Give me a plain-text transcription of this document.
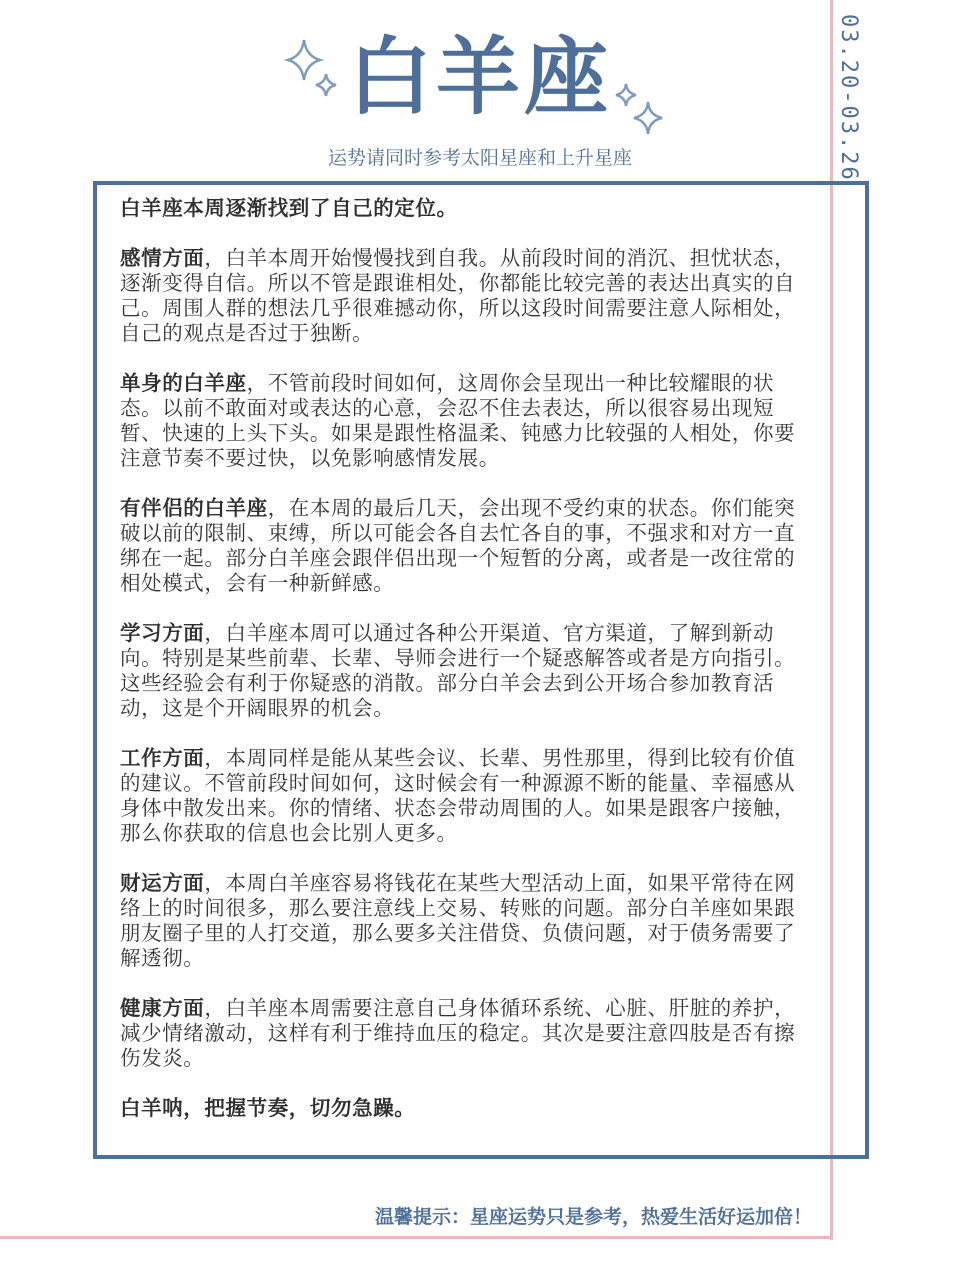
03.20-03.26
白羊座
运势请同时参考太阳星座和上升星座

白羊座本周逐渐找到了自己的定位。

感情方面，白羊本周开始慢慢找到自我。从前段时间的消沉、担忧状态，逐渐变得自信。所以不管是跟谁相处，你都能比较完善的表达出真实的自己。周围人群的想法几乎很难撼动你，所以这段时间需要注意人际相处，自己的观点是否过于独断。

单身的白羊座，不管前段时间如何，这周你会呈现出一种比较耀眼的状态。以前不敢面对或表达的心意，会忍不住去表达，所以很容易出现短暂、快速的上头下头。如果是跟性格温柔、钝感力比较强的人相处，你要注意节奏不要过快，以免影响感情发展。

有伴侣的白羊座，在本周的最后几天，会出现不受约束的状态。你们能突破以前的限制、束缚，所以可能会各自去忙各自的事，不强求和对方一直绑在一起。部分白羊座会跟伴侣出现一个短暂的分离，或者是一改往常的相处模式，会有一种新鲜感。

学习方面，白羊座本周可以通过各种公开渠道、官方渠道，了解到新动向。特别是某些前辈、长辈、导师会进行一个疑惑解答或者是方向指引。这些经验会有利于你疑惑的消散。部分白羊会去到公开场合参加教育活动，这是个开阔眼界的机会。

工作方面，本周同样是能从某些会议、长辈、男性那里，得到比较有价值的建议。不管前段时间如何，这时候会有一种源源不断的能量、幸福感从身体中散发出来。你的情绪、状态会带动周围的人。如果是跟客户接触，那么你获取的信息也会比别人更多。

财运方面，本周白羊座容易将钱花在某些大型活动上面，如果平常待在网络上的时间很多，那么要注意线上交易、转账的问题。部分白羊座如果跟朋友圈子里的人打交道，那么要多关注借贷、负债问题，对于债务需要了解透彻。

健康方面，白羊座本周需要注意自己身体循环系统、心脏、肝脏的养护，减少情绪激动，这样有利于维持血压的稳定。其次是要注意四肢是否有擦伤发炎。

白羊呐，把握节奏，切勿急躁。

温馨提示：星座运势只是参考，热爱生活好运加倍！
